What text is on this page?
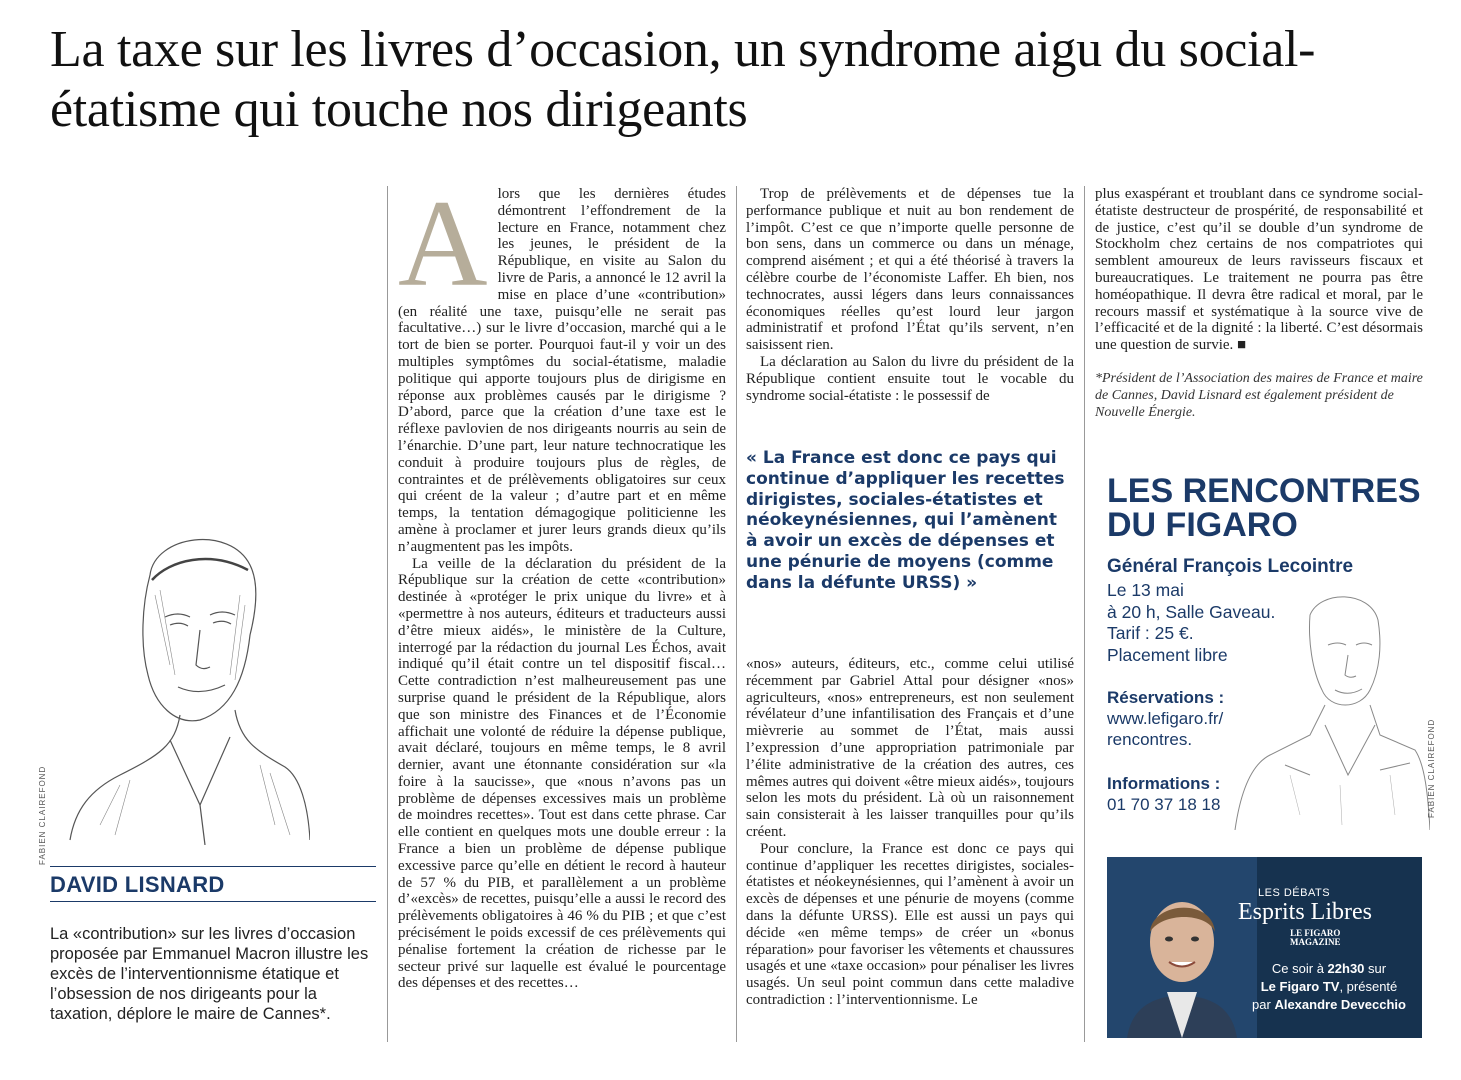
La taxe sur les livres d’occasion, un syndrome aigu du social-étatisme qui touche nos dirigeants
FABIEN CLAIREFOND

DAVID LISNARD

La «contribution» sur les livres d’occasion proposée par Emmanuel Macron illustre les excès de l’interventionnisme étatique et l’obsession de nos dirigeants pour la taxation, déplore le maire de Cannes*.

A lors que les dernières études démontrent l’effondrement de la lecture en France, notamment chez les jeunes, le président de la République, en visite au Salon du livre de Paris, a annoncé le 12 avril la mise en place d’une «contribution» (en réalité une taxe, puisqu’elle ne serait pas facultative…) sur le livre d’occasion, marché qui a le tort de bien se porter. Pourquoi faut-il y voir un des multiples symptômes du social-étatisme, maladie politique qui apporte toujours plus de dirigisme en réponse aux problèmes causés par le dirigisme ? D’abord, parce que la création d’une taxe est le réflexe pavlovien de nos dirigeants nourris au sein de l’énarchie. D’une part, leur nature technocratique les conduit à produire toujours plus de règles, de contraintes et de prélèvements obligatoires sur ceux qui créent de la valeur ; d’autre part et en même temps, la tentation démagogique politicienne les amène à proclamer et jurer leurs grands dieux qu’ils n’augmentent pas les impôts.

La veille de la déclaration du président de la République sur la création de cette «contribution» destinée à «protéger le prix unique du livre» et à «permettre à nos auteurs, éditeurs et traducteurs aussi d’être mieux aidés», le ministère de la Culture, interrogé par la rédaction du journal Les Échos, avait indiqué qu’il était contre un tel dispositif fiscal… Cette contradiction n’est malheureusement pas une surprise quand le président de la République, alors que son ministre des Finances et de l’Économie affichait une volonté de réduire la dépense publique, avait déclaré, toujours en même temps, le 8 avril dernier, avant une étonnante considération sur «la foire à la saucisse», que «nous n’avons pas un problème de dépenses excessives mais un problème de moindres recettes». Tout est dans cette phrase. Car elle contient en quelques mots une double erreur : la France a bien un problème de dépense publique excessive parce qu’elle en détient le record à hauteur de 57 % du PIB, et parallèlement a un problème d’«excès» de recettes, puisqu’elle a aussi le record des prélèvements obligatoires à 46 % du PIB ; et que c’est précisément le poids excessif de ces prélèvements qui pénalise fortement la création de richesse par le secteur privé sur laquelle est évalué le pourcentage des dépenses et des recettes…

Trop de prélèvements et de dépenses tue la performance publique et nuit au bon rendement de l’impôt. C’est ce que n’importe quelle personne de bon sens, dans un commerce ou dans un ménage, comprend aisément ; et qui a été théorisé à travers la célèbre courbe de l’économiste Laffer. Eh bien, nos technocrates, aussi légers dans leurs connaissances économiques réelles qu’est lourd leur jargon administratif et profond l’État qu’ils servent, n’en saisissent rien.

La déclaration au Salon du livre du président de la République contient ensuite tout le vocable du syndrome social-étatiste : le possessif de

« La France est donc ce pays qui continue d’appliquer les recettes dirigistes, sociales-étatistes et néokeynésiennes, qui l’amènent à avoir un excès de dépenses et une pénurie de moyens (comme dans la défunte URSS) »

«nos» auteurs, éditeurs, etc., comme celui utilisé récemment par Gabriel Attal pour désigner «nos» agriculteurs, «nos» entrepreneurs, est non seulement révélateur d’une infantilisation des Français et d’une mièvrerie au sommet de l’État, mais aussi l’expression d’une appropriation patrimoniale par l’élite administrative de la création des autres, ces mêmes autres qui doivent «être mieux aidés», toujours selon les mots du président. Là où un raisonnement sain consisterait à les laisser tranquilles pour qu’ils créent.

Pour conclure, la France est donc ce pays qui continue d’appliquer les recettes dirigistes, sociales-étatistes et néokeynésiennes, qui l’amènent à avoir un excès de dépenses et une pénurie de moyens (comme dans la défunte URSS). Elle est aussi un pays qui décide «en même temps» de créer un «bonus réparation» pour favoriser les vêtements et chaussures usagés et une «taxe occasion» pour pénaliser les livres usagés. Un seul point commun dans cette maladive contradiction : l’interventionnisme. Le

plus exaspérant et troublant dans ce syndrome social-étatiste destructeur de prospérité, de responsabilité et de justice, c’est qu’il se double d’un syndrome de Stockholm chez certains de nos compatriotes qui semblent amoureux de leurs ravisseurs fiscaux et bureaucratiques. Le traitement ne pourra pas être homéopathique. Il devra être radical et moral, par le recours massif et systématique à la source vive de l’efficacité et de la dignité : la liberté. C’est désormais une question de survie. ■

*Président de l’Association des maires de France et maire de Cannes, David Lisnard est également président de Nouvelle Énergie.

LES RENCONTRES
DU FIGARO

Général François Lecointre

Le 13 mai
à 20 h, Salle Gaveau.
Tarif : 25 €.
Placement libre
Réservations :
www.lefigaro.fr/
rencontres.
Informations :
01 70 37 18 18	FABIEN CLAIREFOND

LES DÉBATS

Esprits Libres

LE FIGARO
MAGAZINE
Ce soir à 22h30 sur
Le Figaro TV, présenté
par Alexandre Devecchio
